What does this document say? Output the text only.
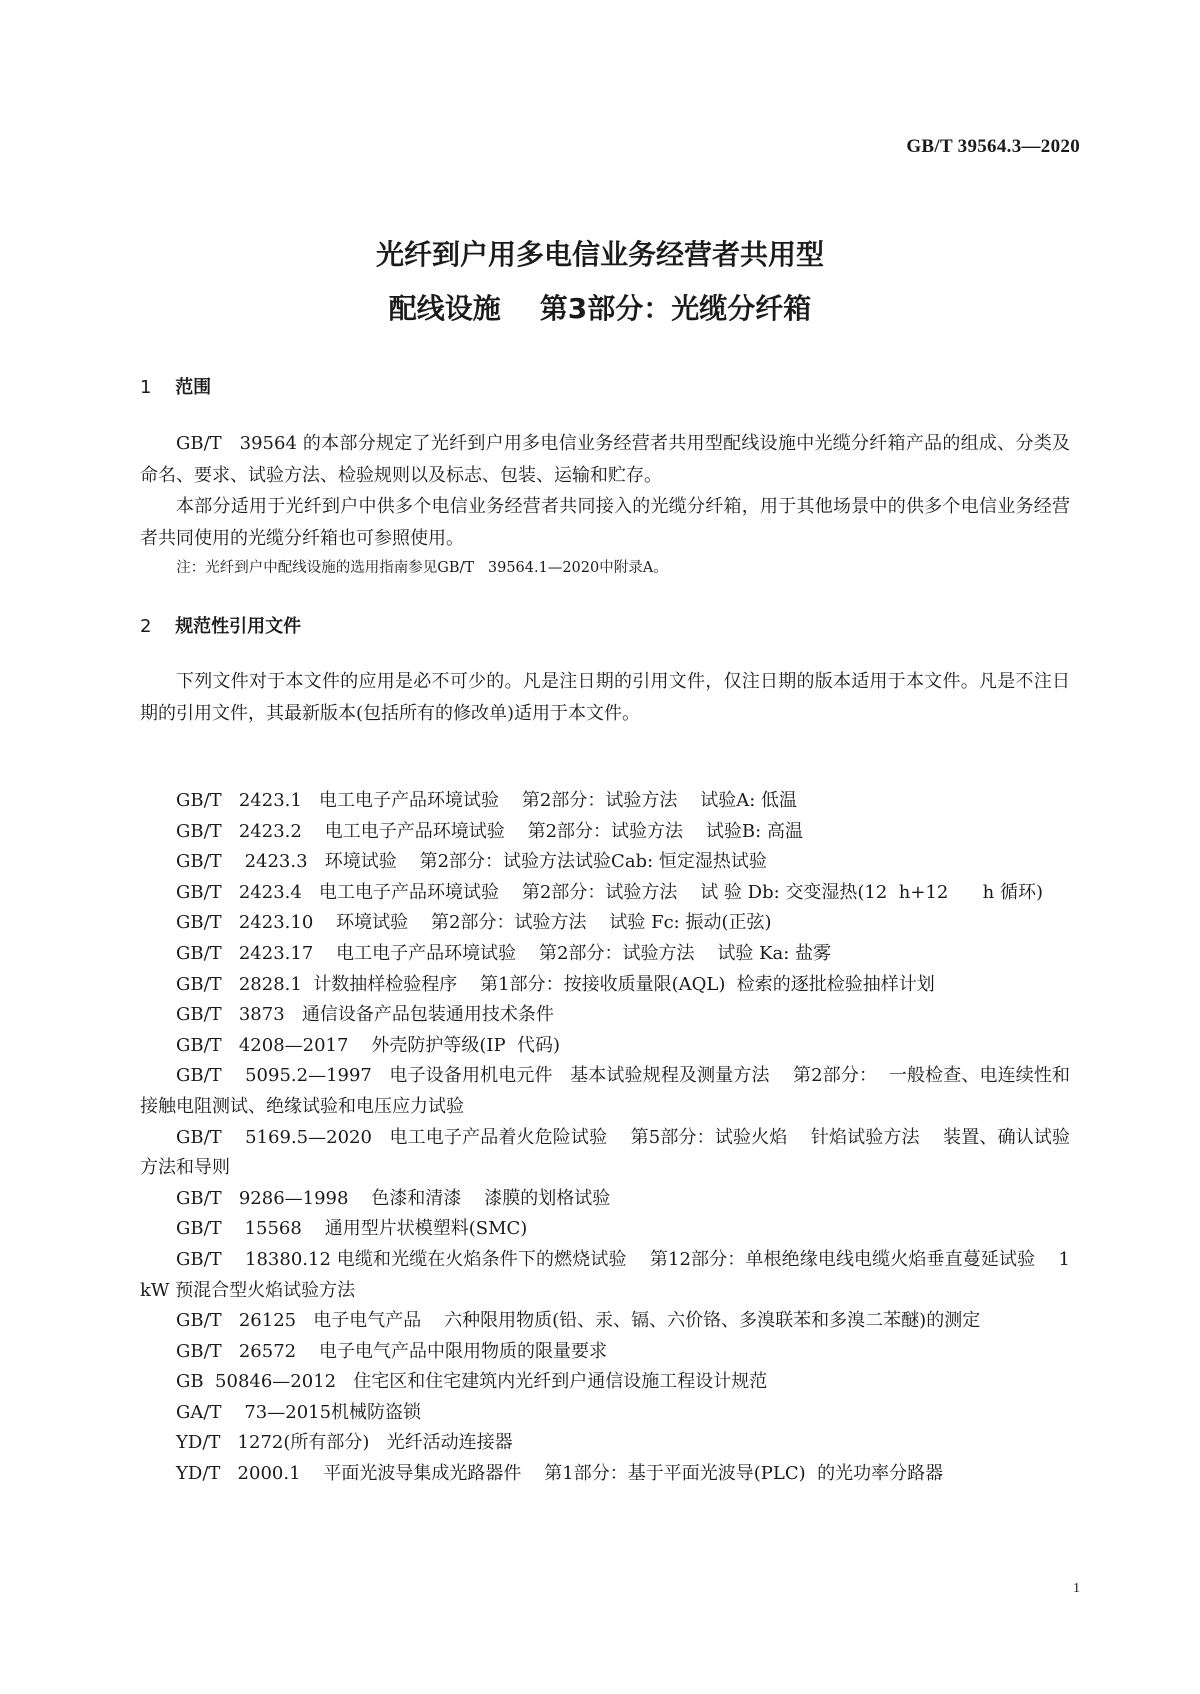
GB/T 39564.3—2020
光纤到户用多电信业务经营者共用型
配线设施    第3部分：光缆分纤箱
1 范围

GB/T   39564 的本部分规定了光纤到户用多电信业务经营者共用型配线设施中光缆分纤箱产品的组成、分类及命名、要求、试验方法、检验规则以及标志、包装、运输和贮存。

本部分适用于光纤到户中供多个电信业务经营者共同接入的光缆分纤箱，用于其他场景中的供多个电信业务经营者共同使用的光缆分纤箱也可参照使用。

注：光纤到户中配线设施的选用指南参见GB/T   39564.1—2020中附录A。

2 规范性引用文件

下列文件对于本文件的应用是必不可少的。凡是注日期的引用文件，仅注日期的版本适用于本文件。凡是不注日期的引用文件，其最新版本(包括所有的修改单)适用于本文件。

GB/T   2423.1   电工电子产品环境试验    第2部分：试验方法    试验A: 低温
GB/T   2423.2    电工电子产品环境试验    第2部分：试验方法    试验B: 高温
GB/T    2423.3   环境试验    第2部分：试验方法试验Cab: 恒定湿热试验
GB/T   2423.4   电工电子产品环境试验    第2部分：试验方法    试 验 Db: 交变湿热(12  h+12      h 循环)
GB/T   2423.10    环境试验    第2部分：试验方法    试验 Fc: 振动(正弦)
GB/T   2423.17    电工电子产品环境试验    第2部分：试验方法    试验 Ka: 盐雾
GB/T   2828.1  计数抽样检验程序    第1部分：按接收质量限(AQL)  检索的逐批检验抽样计划
GB/T   3873   通信设备产品包装通用技术条件
GB/T   4208—2017    外壳防护等级(IP  代码)
GB/T    5095.2—1997   电子设备用机电元件   基本试验规程及测量方法    第2部分：  一般检查、电连续性和接触电阻测试、绝缘试验和电压应力试验
GB/T    5169.5—2020   电工电子产品着火危险试验    第5部分：试验火焰    针焰试验方法    装置、确认试验方法和导则
GB/T   9286—1998    色漆和清漆    漆膜的划格试验
GB/T    15568    通用型片状模塑料(SMC)
GB/T    18380.12 电缆和光缆在火焰条件下的燃烧试验    第12部分：单根绝缘电线电缆火焰垂直蔓延试验    1 kW 预混合型火焰试验方法
GB/T   26125   电子电气产品    六种限用物质(铅、汞、镉、六价铬、多溴联苯和多溴二苯醚)的测定
GB/T   26572    电子电气产品中限用物质的限量要求
GB  50846—2012   住宅区和住宅建筑内光纤到户通信设施工程设计规范
GA/T    73—2015机械防盗锁
YD/T   1272(所有部分)   光纤活动连接器
YD/T   2000.1    平面光波导集成光路器件    第1部分：基于平面光波导(PLC)  的光功率分路器
1
